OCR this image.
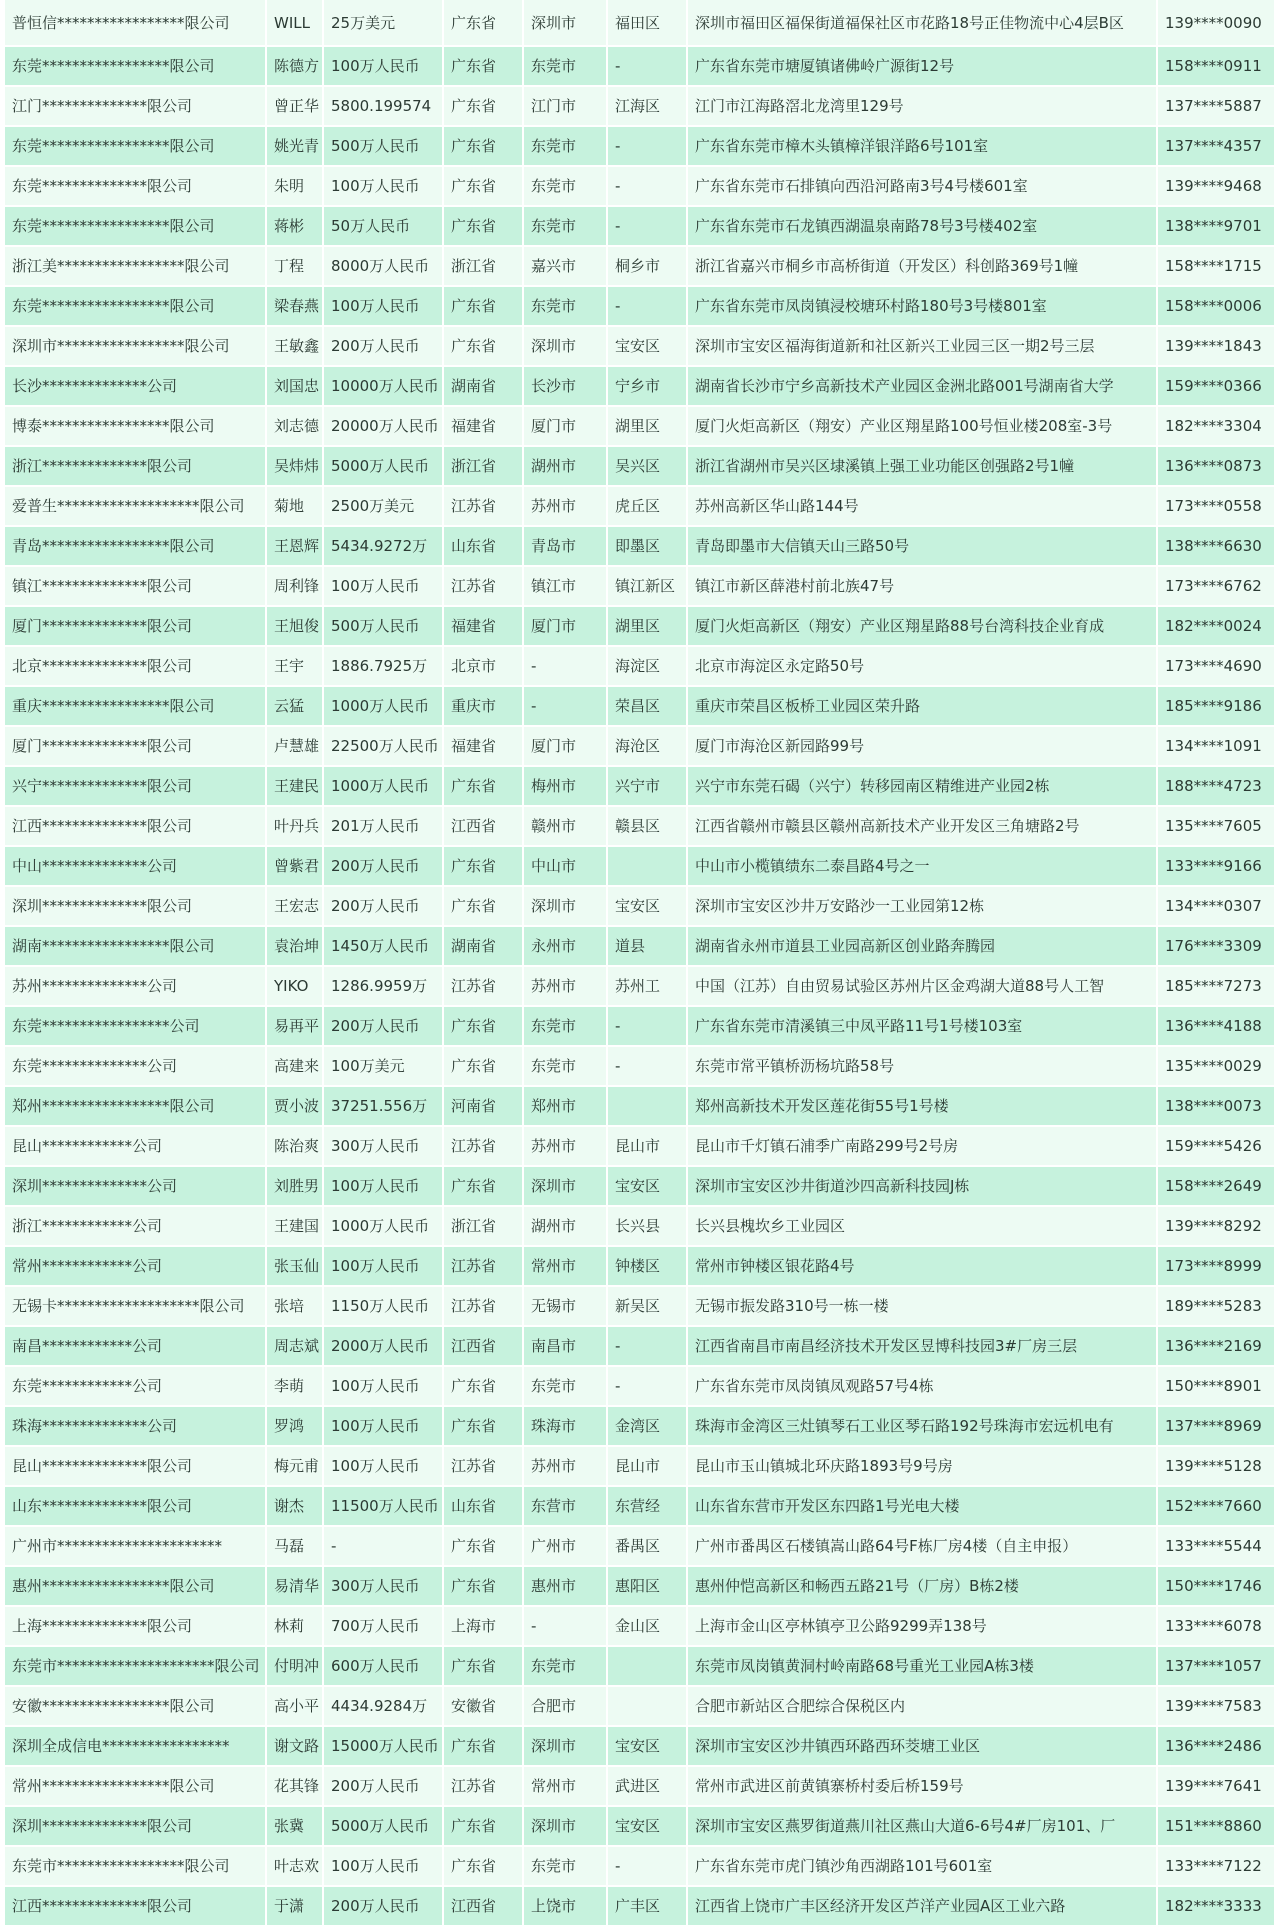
普恒信*****************限公司	WILL	25万美元	广东省	深圳市	福田区	深圳市福田区福保街道福保社区市花路18号正佳物流中心4层B区	139****0090
东莞*****************限公司	陈德方	100万人民币	广东省	东莞市	-	广东省东莞市塘厦镇诸佛岭广源街12号	158****0911
江门**************限公司	曾正华	5800.199574	广东省	江门市	江海区	江门市江海路滘北龙湾里129号	137****5887
东莞*****************限公司	姚光青	500万人民币	广东省	东莞市	-	广东省东莞市樟木头镇樟洋银洋路6号101室	137****4357
东莞**************限公司	朱明	100万人民币	广东省	东莞市	-	广东省东莞市石排镇向西沿河路南3号4号楼601室	139****9468
东莞*****************限公司	蒋彬	50万人民币	广东省	东莞市	-	广东省东莞市石龙镇西湖温泉南路78号3号楼402室	138****9701
浙江美*****************限公司	丁程	8000万人民币	浙江省	嘉兴市	桐乡市	浙江省嘉兴市桐乡市高桥街道（开发区）科创路369号1幢	158****1715
东莞*****************限公司	梁春燕	100万人民币	广东省	东莞市	-	广东省东莞市凤岗镇浸校塘环村路180号3号楼801室	158****0006
深圳市*****************限公司	王敏鑫	200万人民币	广东省	深圳市	宝安区	深圳市宝安区福海街道新和社区新兴工业园三区一期2号三层	139****1843
长沙**************公司	刘国忠	10000万人民币	湖南省	长沙市	宁乡市	湖南省长沙市宁乡高新技术产业园区金洲北路001号湖南省大学	159****0366
博泰*****************限公司	刘志德	20000万人民币	福建省	厦门市	湖里区	厦门火炬高新区（翔安）产业区翔星路100号恒业楼208室-3号	182****3304
浙江**************限公司	吴炜炜	5000万人民币	浙江省	湖州市	吴兴区	浙江省湖州市吴兴区埭溪镇上强工业功能区创强路2号1幢	136****0873
爱普生*******************限公司	菊地	2500万美元	江苏省	苏州市	虎丘区	苏州高新区华山路144号	173****0558
青岛*****************限公司	王恩辉	5434.9272万	山东省	青岛市	即墨区	青岛即墨市大信镇天山三路50号	138****6630
镇江**************限公司	周利锋	100万人民币	江苏省	镇江市	镇江新区	镇江市新区薛港村前北族47号	173****6762
厦门**************限公司	王旭俊	500万人民币	福建省	厦门市	湖里区	厦门火炬高新区（翔安）产业区翔星路88号台湾科技企业育成	182****0024
北京**************限公司	王宇	1886.7925万	北京市	-	海淀区	北京市海淀区永定路50号	173****4690
重庆*****************限公司	云猛	1000万人民币	重庆市	-	荣昌区	重庆市荣昌区板桥工业园区荣升路	185****9186
厦门**************限公司	卢慧雄	22500万人民币	福建省	厦门市	海沧区	厦门市海沧区新园路99号	134****1091
兴宁**************限公司	王建民	1000万人民币	广东省	梅州市	兴宁市	兴宁市东莞石碣（兴宁）转移园南区精维进产业园2栋	188****4723
江西**************限公司	叶丹兵	201万人民币	江西省	赣州市	赣县区	江西省赣州市赣县区赣州高新技术产业开发区三角塘路2号	135****7605
中山**************公司	曾紫君	200万人民币	广东省	中山市		中山市小榄镇绩东二泰昌路4号之一	133****9166
深圳**************限公司	王宏志	200万人民币	广东省	深圳市	宝安区	深圳市宝安区沙井万安路沙一工业园第12栋	134****0307
湖南*****************限公司	袁治坤	1450万人民币	湖南省	永州市	道县	湖南省永州市道县工业园高新区创业路奔腾园	176****3309
苏州**************公司	YIKO	1286.9959万	江苏省	苏州市	苏州工	中国（江苏）自由贸易试验区苏州片区金鸡湖大道88号人工智	185****7273
东莞*****************公司	易再平	200万人民币	广东省	东莞市	-	广东省东莞市清溪镇三中凤平路11号1号楼103室	136****4188
东莞**************公司	高建来	100万美元	广东省	东莞市	-	东莞市常平镇桥沥杨坑路58号	135****0029
郑州*****************限公司	贾小波	37251.556万	河南省	郑州市		郑州高新技术开发区莲花街55号1号楼	138****0073
昆山************公司	陈治爽	300万人民币	江苏省	苏州市	昆山市	昆山市千灯镇石浦季广南路299号2号房	159****5426
深圳**************公司	刘胜男	100万人民币	广东省	深圳市	宝安区	深圳市宝安区沙井街道沙四高新科技园J栋	158****2649
浙江************公司	王建国	1000万人民币	浙江省	湖州市	长兴县	长兴县槐坎乡工业园区	139****8292
常州************公司	张玉仙	100万人民币	江苏省	常州市	钟楼区	常州市钟楼区银花路4号	173****8999
无锡卡*******************限公司	张培	1150万人民币	江苏省	无锡市	新吴区	无锡市振发路310号一栋一楼	189****5283
南昌************公司	周志斌	2000万人民币	江西省	南昌市	-	江西省南昌市南昌经济技术开发区昱博科技园3#厂房三层	136****2169
东莞************公司	李萌	100万人民币	广东省	东莞市	-	广东省东莞市凤岗镇凤观路57号4栋	150****8901
珠海**************公司	罗鸿	100万人民币	广东省	珠海市	金湾区	珠海市金湾区三灶镇琴石工业区琴石路192号珠海市宏远机电有	137****8969
昆山**************限公司	梅元甫	100万人民币	江苏省	苏州市	昆山市	昆山市玉山镇城北环庆路1893号9号房	139****5128
山东**************限公司	谢杰	11500万人民币	山东省	东营市	东营经	山东省东营市开发区东四路1号光电大楼	152****7660
广州市**********************	马磊	-	广东省	广州市	番禺区	广州市番禺区石楼镇嵩山路64号F栋厂房4楼（自主申报）	133****5544
惠州*****************限公司	易清华	300万人民币	广东省	惠州市	惠阳区	惠州仲恺高新区和畅西五路21号（厂房）B栋2楼	150****1746
上海**************限公司	林莉	700万人民币	上海市	-	金山区	上海市金山区亭林镇亭卫公路9299弄138号	133****6078
东莞市*********************限公司	付明冲	600万人民币	广东省	东莞市		东莞市凤岗镇黄洞村岭南路68号重光工业园A栋3楼	137****1057
安徽*****************限公司	高小平	4434.9284万	安徽省	合肥市		合肥市新站区合肥综合保税区内	139****7583
深圳全成信电*****************	谢文路	15000万人民币	广东省	深圳市	宝安区	深圳市宝安区沙井镇西环路西环茭塘工业区	136****2486
常州*****************限公司	花其锋	200万人民币	江苏省	常州市	武进区	常州市武进区前黄镇寨桥村委后桥159号	139****7641
深圳**************限公司	张冀	5000万人民币	广东省	深圳市	宝安区	深圳市宝安区燕罗街道燕川社区燕山大道6-6号4#厂房101、厂	151****8860
东莞市*****************限公司	叶志欢	100万人民币	广东省	东莞市	-	广东省东莞市虎门镇沙角西湖路101号601室	133****7122
江西**************限公司	于潇	200万人民币	江西省	上饶市	广丰区	江西省上饶市广丰区经济开发区芦洋产业园A区工业六路	182****3333
